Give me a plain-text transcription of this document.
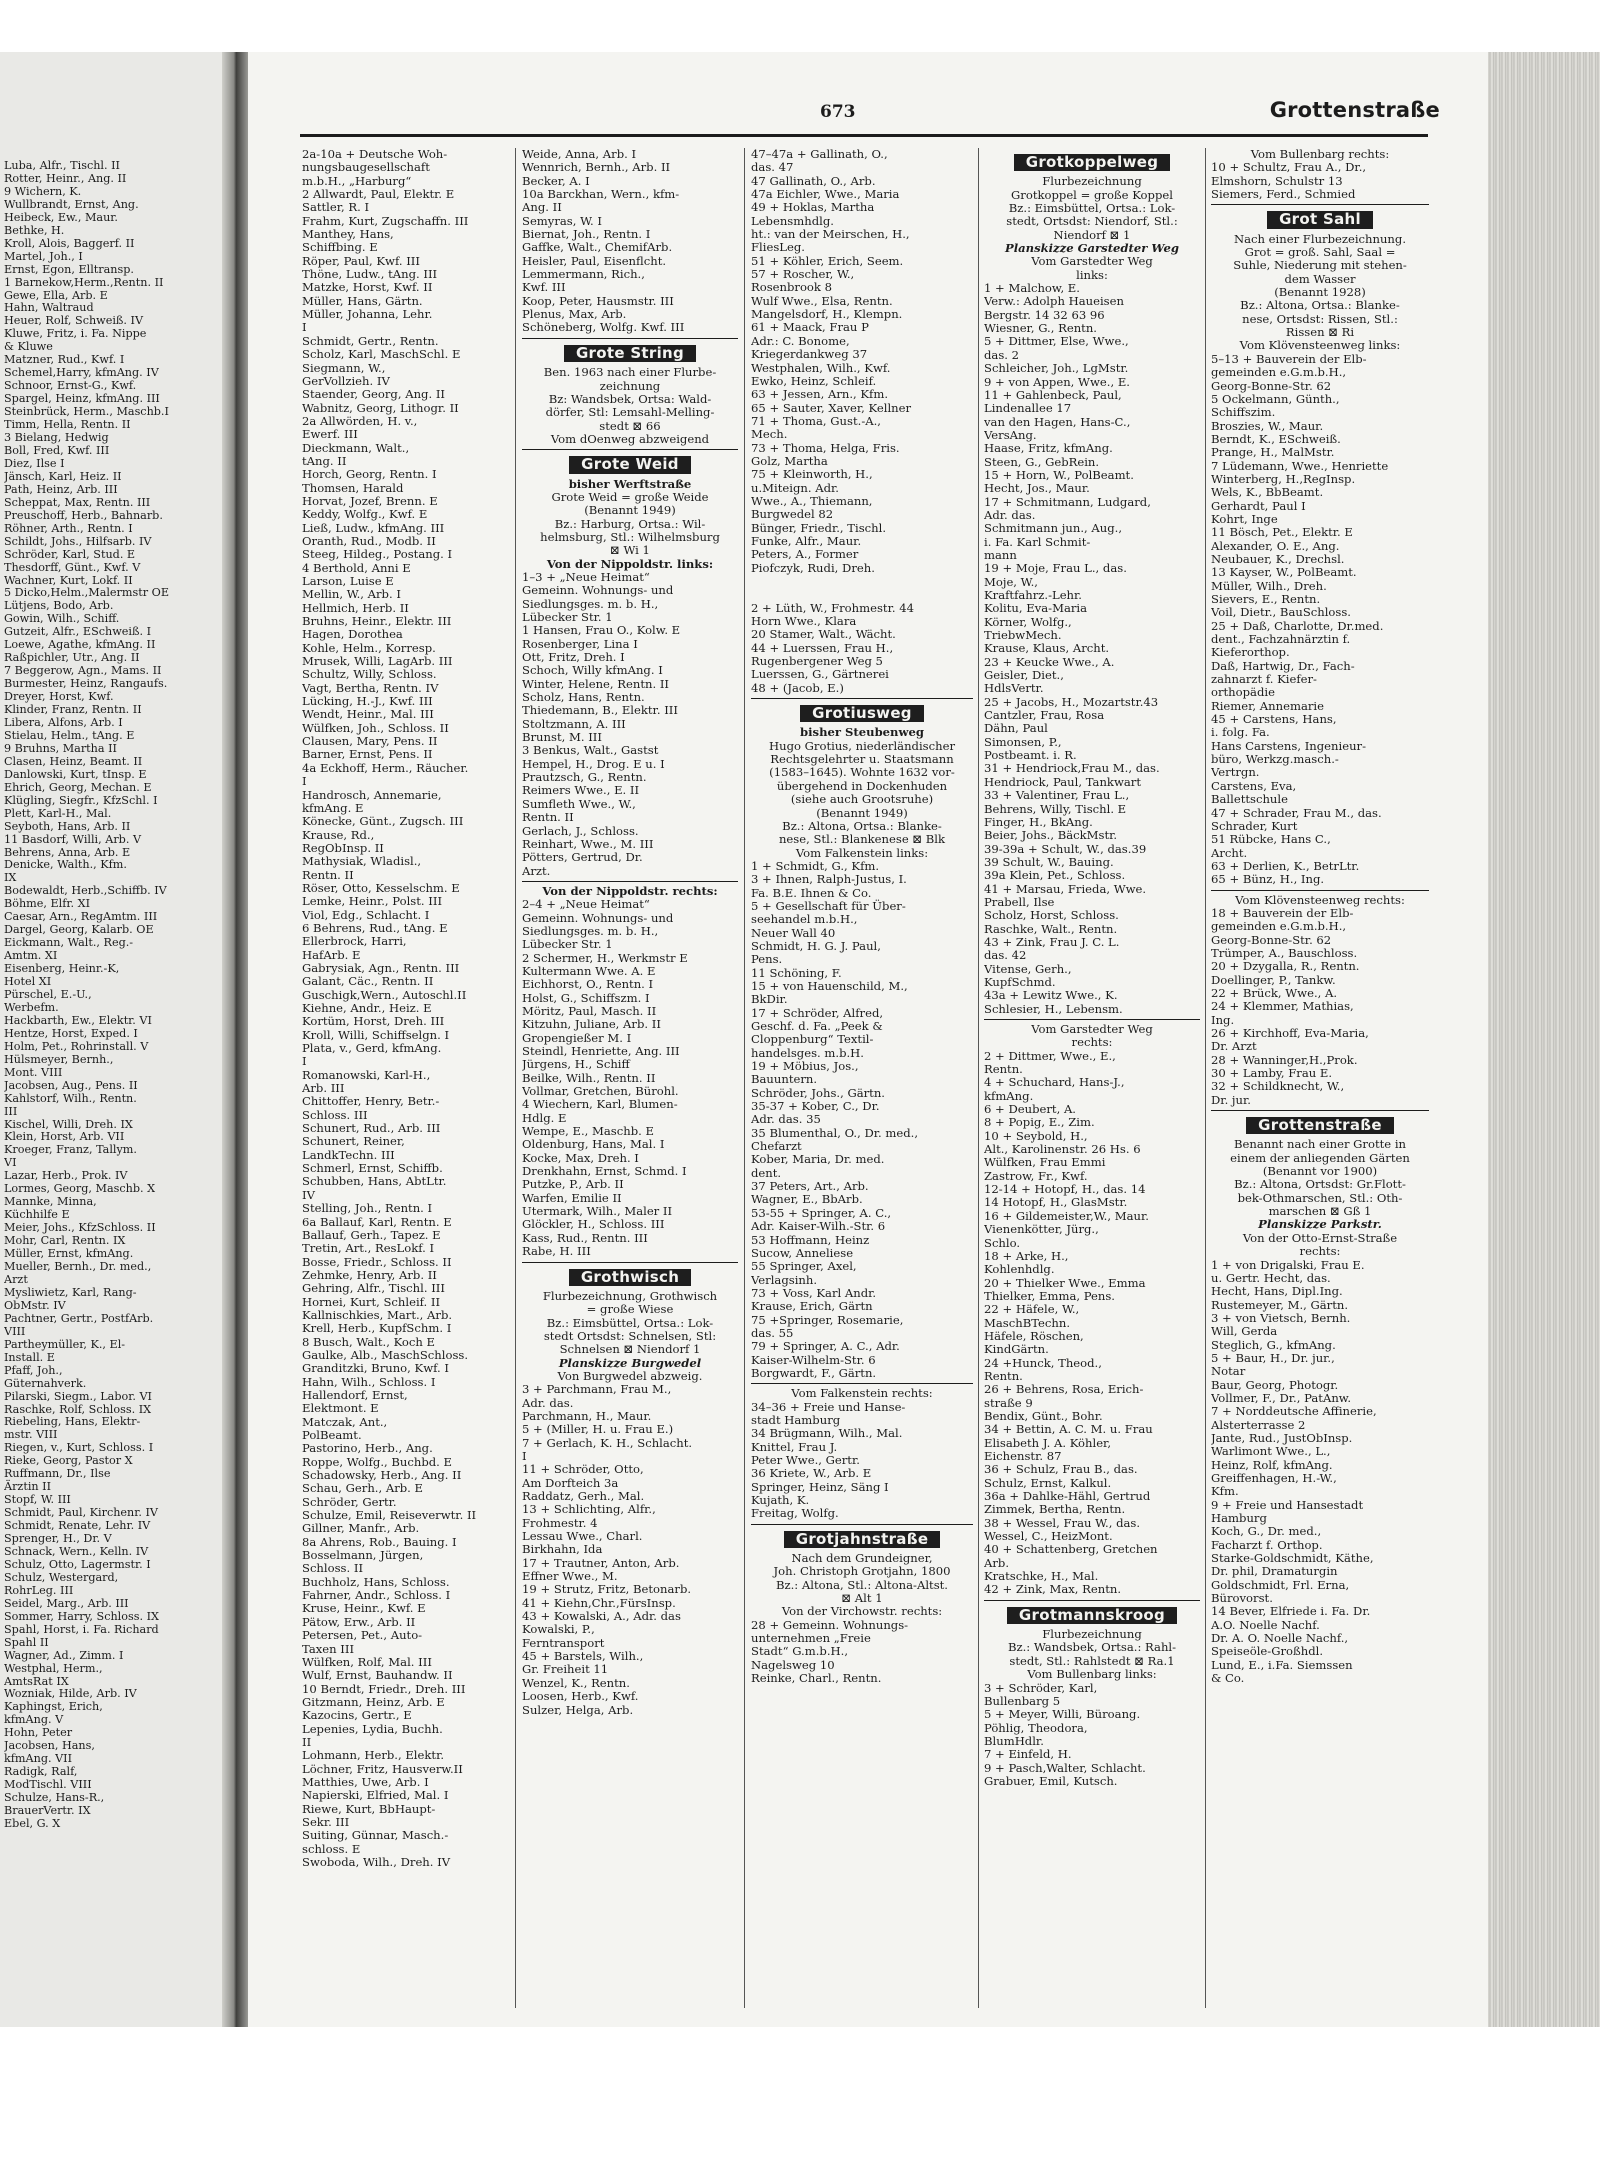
Luba, Alfr., Tischl. II
Rotter, Heinr., Ang. II
9 Wichern, K.
Wullbrandt, Ernst, Ang.
Heibeck, Ew., Maur.
Bethke, H.
Kroll, Alois, Baggerf. II
Martel, Joh., I
Ernst, Egon, Elltransp.
1 Barnekow,Herm.,Rentn. II
Gewe, Ella, Arb. E
Hahn, Waltraud
Heuer, Rolf, Schweiß. IV
Kluwe, Fritz, i. Fa. Nippe
& Kluwe
Matzner, Rud., Kwf. I
Schemel,Harry, kfmAng. IV
Schnoor, Ernst-G., Kwf.
Spargel, Heinz, kfmAng. III
Steinbrück, Herm., Maschb.I
Timm, Hella, Rentn. II
3 Bielang, Hedwig
Boll, Fred, Kwf. III
Diez, Ilse I
Jänsch, Karl, Heiz. II
Path, Heinz, Arb. III
Scheppat, Max, Rentn. III
Preuschoff, Herb., Bahnarb.
Röhner, Arth., Rentn. I
Schildt, Johs., Hilfsarb. IV
Schröder, Karl, Stud. E
Thesdorff, Günt., Kwf. V
Wachner, Kurt, Lokf. II
5 Dicko,Helm.,Malermstr OE
Lütjens, Bodo, Arb.
Gowin, Wilh., Schiff.
Gutzeit, Alfr., ESchweiß. I
Loewe, Agathe, kfmAng. II
Raßpichler, Utr., Ang. II
7 Beggerow, Agn., Mams. II
Burmester, Heinz, Rangaufs.
Dreyer, Horst, Kwf.
Klinder, Franz, Rentn. II
Libera, Alfons, Arb. I
Stielau, Helm., tAng. E
9 Bruhns, Martha II
Clasen, Heinz, Beamt. II
Danlowski, Kurt, tInsp. E
Ehrich, Georg, Mechan. E
Klügling, Siegfr., KfzSchl. I
Plett, Karl-H., Mal.
Seyboth, Hans, Arb. II
11 Basdorf, Willi, Arb. V
Behrens, Anna, Arb. E
Denicke, Walth., Kfm.
IX
Bodewaldt, Herb.,Schiffb. IV
Böhme, Elfr. XI
Caesar, Arn., RegAmtm. III
Dargel, Georg, Kalarb. OE
Eickmann, Walt., Reg.-
Amtm. XI
Eisenberg, Heinr.-K,
Hotel XI
Pürschel, E.-U.,
Werbefm.
Hackbarth, Ew., Elektr. VI
Hentze, Horst, Exped. I
Holm, Pet., Rohrinstall. V
Hülsmeyer, Bernh.,
Mont. VIII
Jacobsen, Aug., Pens. II
Kahlstorf, Wilh., Rentn.
III
Kischel, Willi, Dreh. IX
Klein, Horst, Arb. VII
Kroeger, Franz, Tallym.
VI
Lazar, Herb., Prok. IV
Lormes, Georg, Maschb. X
Mannke, Minna,
Küchhilfe E
Meier, Johs., KfzSchloss. II
Mohr, Carl, Rentn. IX
Müller, Ernst, kfmAng.
Mueller, Bernh., Dr. med.,
Arzt
Mysliwietz, Karl, Rang-
ObMstr. IV
Pachtner, Gertr., PostfArb.
VIII
Partheymüller, K., El-
Install. E
Pfaff, Joh.,
Güternahverk.
Pilarski, Siegm., Labor. VI
Raschke, Rolf, Schloss. IX
Riebeling, Hans, Elektr-
mstr. VIII
Riegen, v., Kurt, Schloss. I
Rieke, Georg, Pastor X
Ruffmann, Dr., Ilse
Ärztin II
Stopf, W. III
Schmidt, Paul, Kirchenr. IV
Schmidt, Renate, Lehr. IV
Sprenger, H., Dr. V
Schnack, Wern., Kelln. IV
Schulz, Otto, Lagermstr. I
Schulz, Westergard,
RohrLeg. III
Seidel, Marg., Arb. III
Sommer, Harry, Schloss. IX
Spahl, Horst, i. Fa. Richard
Spahl II
Wagner, Ad., Zimm. I
Westphal, Herm.,
AmtsRat IX
Wozniak, Hilde, Arb. IV
Kaphingst, Erich,
kfmAng. V
Hohn, Peter
Jacobsen, Hans,
kfmAng. VII
Radigk, Ralf,
ModTischl. VIII
Schulze, Hans-R.,
BrauerVertr. IX
Ebel, G. X
673	Grottenstraße
2a-10a + Deutsche Woh-
nungsbaugesellschaft
m.b.H., „Harburg“
2 Allwardt, Paul, Elektr. E
Sattler, R. I
Frahm, Kurt, Zugschaffn. III
Manthey, Hans,
Schiffbing. E
Röper, Paul, Kwf. III
Thöne, Ludw., tAng. III
Matzke, Horst, Kwf. II
Müller, Hans, Gärtn.
Müller, Johanna, Lehr.
I
Schmidt, Gertr., Rentn.
Scholz, Karl, MaschSchl. E
Siegmann, W.,
GerVollzieh. IV
Staender, Georg, Ang. II
Wabnitz, Georg, Lithogr. II
2a Allwörden, H. v.,
Ewerf. III
Dieckmann, Walt.,
tAng. II
Horch, Georg, Rentn. I
Thomsen, Harald
Horvat, Jozef, Brenn. E
Keddy, Wolfg., Kwf. E
Ließ, Ludw., kfmAng. III
Oranth, Rud., Modb. II
Steeg, Hildeg., Postang. I
4 Berthold, Anni E
Larson, Luise E
Mellin, W., Arb. I
Hellmich, Herb. II
Bruhns, Heinr., Elektr. III
Hagen, Dorothea
Kohle, Helm., Korresp.
Mrusek, Willi, LagArb. III
Schultz, Willy, Schloss.
Vagt, Bertha, Rentn. IV
Lücking, H.-J., Kwf. III
Wendt, Heinr., Mal. III
Wülfken, Joh., Schloss. II
Clausen, Mary, Pens. II
Barner, Ernst, Pens. II
4a Eckhoff, Herm., Räucher.
I
Handrosch, Annemarie,
kfmAng. E
Könecke, Günt., Zugsch. III
Krause, Rd.,
RegObInsp. II
Mathysiak, Wladisl.,
Rentn. II
Röser, Otto, Kesselschm. E
Lemke, Heinr., Polst. III
Viol, Edg., Schlacht. I
6 Behrens, Rud., tAng. E
Ellerbrock, Harri,
HafArb. E
Gabrysiak, Agn., Rentn. III
Galant, Cäc., Rentn. II
Guschigk,Wern., Autoschl.II
Kiehne, Andr., Heiz. E
Kortüm, Horst, Dreh. III
Kroll, Willi, Schiffselgn. I
Plata, v., Gerd, kfmAng.
I
Romanowski, Karl-H.,
Arb. III
Chittoffer, Henry, Betr.-
Schloss. III
Schunert, Rud., Arb. III
Schunert, Reiner,
LandkTechn. III
Schmerl, Ernst, Schiffb.
Schubben, Hans, AbtLtr.
IV
Stelling, Joh., Rentn. I
6a Ballauf, Karl, Rentn. E
Ballauf, Gerh., Tapez. E
Tretin, Art., ResLokf. I
Bosse, Friedr., Schloss. II
Zehmke, Henry, Arb. II
Gehring, Alfr., Tischl. III
Hornei, Kurt, Schleif. II
Kallnischkies, Mart., Arb.
Krell, Herb., KupfSchm. I
8 Busch, Walt., Koch E
Gaulke, Alb., MaschSchloss.
Granditzki, Bruno, Kwf. I
Hahn, Wilh., Schloss. I
Hallendorf, Ernst,
Elektmont. E
Matczak, Ant.,
PolBeamt.
Pastorino, Herb., Ang.
Roppe, Wolfg., Buchbd. E
Schadowsky, Herb., Ang. II
Schau, Gerh., Arb. E
Schröder, Gertr.
Schulze, Emil, Reiseverwtr. II
Gillner, Manfr., Arb.
8a Ahrens, Rob., Bauing. I
Bosselmann, Jürgen,
Schloss. II
Buchholz, Hans, Schloss.
Fahrner, Andr., Schloss. I
Kruse, Heinr., Kwf. E
Pätow, Erw., Arb. II
Petersen, Pet., Auto-
Taxen III
Wülfken, Rolf, Mal. III
Wulf, Ernst, Bauhandw. II
10 Berndt, Friedr., Dreh. III
Gitzmann, Heinz, Arb. E
Kazocins, Gertr., E
Lepenies, Lydia, Buchh.
II
Lohmann, Herb., Elektr.
Löchner, Fritz, Hausverw.II
Matthies, Uwe, Arb. I
Napierski, Elfried, Mal. I
Riewe, Kurt, BbHaupt-
Sekr. III
Suiting, Günnar, Masch.-
schloss. E
Swoboda, Wilh., Dreh. IV
Weide, Anna, Arb. I
Wennrich, Bernh., Arb. II
Becker, A. I
10a Barckhan, Wern., kfm-
Ang. II
Semyras, W. I
Biernat, Joh., Rentn. I
Gaffke, Walt., ChemifArb.
Heisler, Paul, Eisenflcht.
Lemmermann, Rich.,
Kwf. III
Koop, Peter, Hausmstr. III
Plenus, Max, Arb.
Schöneberg, Wolfg. Kwf. III
Grote String
Ben. 1963 nach einer Flurbe-
zeichnung
Bz: Wandsbek, Ortsa: Wald-
dörfer, Stl: Lemsahl-Melling-
stedt ⊠ 66
Vom dOenweg abzweigend
Grote Weid
bisher Werftstraße
Grote Weid = große Weide
(Benannt 1949)
Bz.: Harburg, Ortsa.: Wil-
helmsburg, Stl.: Wilhelmsburg
⊠ Wi 1
Von der Nippoldstr. links:
1–3 + „Neue Heimat“
Gemeinn. Wohnungs- und
Siedlungsges. m. b. H.,
Lübecker Str. 1
1 Hansen, Frau O., Kolw. E
Rosenberger, Lina I
Ott, Fritz, Dreh. I
Schoch, Willy kfmAng. I
Winter, Helene, Rentn. II
Scholz, Hans, Rentn.
Thiedemann, B., Elektr. III
Stoltzmann, A. III
Brunst, M. III
3 Benkus, Walt., Gastst
Hempel, H., Drog. E u. I
Prautzsch, G., Rentn.
Reimers Wwe., E. II
Sumfleth Wwe., W.,
Rentn. II
Gerlach, J., Schloss.
Reinhart, Wwe., M. III
Pötters, Gertrud, Dr.
Arzt.
Von der Nippoldstr. rechts:
2–4 + „Neue Heimat“
Gemeinn. Wohnungs- und
Siedlungsges. m. b. H.,
Lübecker Str. 1
2 Schermer, H., Werkmstr E
Kultermann Wwe. A. E
Eichhorst, O., Rentn. I
Holst, G., Schiffszm. I
Möritz, Paul, Masch. II
Kitzuhn, Juliane, Arb. II
Gropengießer M. I
Steindl, Henriette, Ang. III
Jürgens, H., Schiff
Beilke, Wilh., Rentn. II
Vollmar, Gretchen, Bürohl.
4 Wiechern, Karl, Blumen-
Hdlg. E
Wempe, E., Maschb. E
Oldenburg, Hans, Mal. I
Kocke, Max, Dreh. I
Drenkhahn, Ernst, Schmd. I
Putzke, P., Arb. II
Warfen, Emilie II
Utermark, Wilh., Maler II
Glöckler, H., Schloss. III
Kass, Rud., Rentn. III
Rabe, H. III
Grothwisch
Flurbezeichnung, Grothwisch
= große Wiese
Bz.: Eimsbüttel, Ortsa.: Lok-
stedt Ortsdst: Schnelsen, Stl:
Schnelsen ⊠ Niendorf 1
Planskizze Burgwedel
Von Burgwedel abzweig.
3 + Parchmann, Frau M.,
Adr. das.
Parchmann, H., Maur.
5 + (Miller, H. u. Frau E.)
7 + Gerlach, K. H., Schlacht.
I
11 + Schröder, Otto,
Am Dorfteich 3a
Raddatz, Gerh., Mal.
13 + Schlichting, Alfr.,
Frohmestr. 4
Lessau Wwe., Charl.
Birkhahn, Ida
17 + Trautner, Anton, Arb.
Effner Wwe., M.
19 + Strutz, Fritz, Betonarb.
41 + Kiehn,Chr.,FürsInsp.
43 + Kowalski, A., Adr. das
Kowalski, P.,
Ferntransport
45 + Barstels, Wilh.,
Gr. Freiheit 11
Wenzel, K., Rentn.
Loosen, Herb., Kwf.
Sulzer, Helga, Arb.
47–47a + Gallinath, O.,
das. 47
47 Gallinath, O., Arb.
47a Eichler, Wwe., Maria
49 + Hoklas, Martha
Lebensmhdlg.
ht.: van der Meirschen, H.,
FliesLeg.
51 + Köhler, Erich, Seem.
57 + Roscher, W.,
Rosenbrook 8
Wulf Wwe., Elsa, Rentn.
Mangelsdorf, H., Klempn.
61 + Maack, Frau P
Adr.: C. Bonome,
Kriegerdankweg 37
Westphalen, Wilh., Kwf.
Ewko, Heinz, Schleif.
63 + Jessen, Arn., Kfm.
65 + Sauter, Xaver, Kellner
71 + Thoma, Gust.-A.,
Mech.
73 + Thoma, Helga, Fris.
Golz, Martha
75 + Kleinworth, H.,
u.Miteign. Adr.
Wwe., A., Thiemann,
Burgwedel 82
Bünger, Friedr., Tischl.
Funke, Alfr., Maur.
Peters, A., Former
Piofczyk, Rudi, Dreh.

2 + Lüth, W., Frohmestr. 44
Horn Wwe., Klara
20 Stamer, Walt., Wächt.
44 + Luerssen, Frau H.,
Rugenbergener Weg 5
Luerssen, G., Gärtnerei
48 + (Jacob, E.)
Grotiusweg
bisher Steubenweg
Hugo Grotius, niederländischer
Rechtsgelehrter u. Staatsmann
(1583–1645). Wohnte 1632 vor-
übergehend in Dockenhuden
(siehe auch Grootsruhe)
(Benannt 1949)
Bz.: Altona, Ortsa.: Blanke-
nese, Stl.: Blankenese ⊠ Blk
Vom Falkenstein links:
1 + Schmidt, G., Kfm.
3 + Ihnen, Ralph-Justus, I.
Fa. B.E. Ihnen & Co.
5 + Gesellschaft für Über-
seehandel m.b.H.,
Neuer Wall 40
Schmidt, H. G. J. Paul,
Pens.
11 Schöning, F.
15 + von Hauenschild, M.,
BkDir.
17 + Schröder, Alfred,
Geschf. d. Fa. „Peek &
Cloppenburg“ Textil-
handelsges. m.b.H.
19 + Möbius, Jos.,
Bauuntern.
Schröder, Johs., Gärtn.
35-37 + Kober, C., Dr.
Adr. das. 35
35 Blumenthal, O., Dr. med.,
Chefarzt
Kober, Maria, Dr. med.
dent.
37 Peters, Art., Arb.
Wagner, E., BbArb.
53-55 + Springer, A. C.,
Adr. Kaiser-Wilh.-Str. 6
53 Hoffmann, Heinz
Sucow, Anneliese
55 Springer, Axel,
Verlagsinh.
73 + Voss, Karl Andr.
Krause, Erich, Gärtn
75 +Springer, Rosemarie,
das. 55
79 + Springer, A. C., Adr.
Kaiser-Wilhelm-Str. 6
Borgwardt, F., Gärtn.
Vom Falkenstein rechts:
34–36 + Freie und Hanse-
stadt Hamburg
34 Brügmann, Wilh., Mal.
Knittel, Frau J.
Peter Wwe., Gertr.
36 Kriete, W., Arb. E
Springer, Heinz, Säng I
Kujath, K.
Freitag, Wolfg.
Grotjahnstraße
Nach dem Grundeigner,
Joh. Christoph Grotjahn, 1800
Bz.: Altona, Stl.: Altona-Altst.
⊠ Alt 1
Von der Virchowstr. rechts:
28 + Gemeinn. Wohnungs-
unternehmen „Freie
Stadt“ G.m.b.H.,
Nagelsweg 10
Reinke, Charl., Rentn.
Grotkoppelweg
Flurbezeichnung
Grotkoppel = große Koppel
Bz.: Eimsbüttel, Ortsa.: Lok-
stedt, Ortsdst: Niendorf, Stl.:
Niendorf ⊠ 1
Planskizze Garstedter Weg
Vom Garstedter Weg
links:
1 + Malchow, E.
Verw.: Adolph Haueisen
Bergstr. 14 32 63 96
Wiesner, G., Rentn.
5 + Dittmer, Else, Wwe.,
das. 2
Schleicher, Joh., LgMstr.
9 + von Appen, Wwe., E.
11 + Gahlenbeck, Paul,
Lindenallee 17
van den Hagen, Hans-C.,
VersAng.
Haase, Fritz, kfmAng.
Steen, G., GebRein.
15 + Horn, W., PolBeamt.
Hecht, Jos., Maur.
17 + Schmitmann, Ludgard,
Adr. das.
Schmitmann jun., Aug.,
i. Fa. Karl Schmit-
mann
19 + Moje, Frau L., das.
Moje, W.,
Kraftfahrz.-Lehr.
Kolitu, Eva-Maria
Körner, Wolfg.,
TriebwMech.
Krause, Klaus, Archt.
23 + Keucke Wwe., A.
Geisler, Diet.,
HdlsVertr.
25 + Jacobs, H., Mozartstr.43
Cantzler, Frau, Rosa
Dähn, Paul
Simonsen, P.,
Postbeamt. i. R.
31 + Hendriock,Frau M., das.
Hendriock, Paul, Tankwart
33 + Valentiner, Frau L.,
Behrens, Willy, Tischl. E
Finger, H., BkAng.
Beier, Johs., BäckMstr.
39-39a + Schult, W., das.39
39 Schult, W., Bauing.
39a Klein, Pet., Schloss.
41 + Marsau, Frieda, Wwe.
Prabell, Ilse
Scholz, Horst, Schloss.
Raschke, Walt., Rentn.
43 + Zink, Frau J. C. L.
das. 42
Vitense, Gerh.,
KupfSchmd.
43a + Lewitz Wwe., K.
Schlesier, H., Lebensm.
Vom Garstedter Weg
rechts:
2 + Dittmer, Wwe., E.,
Rentn.
4 + Schuchard, Hans-J.,
kfmAng.
6 + Deubert, A.
8 + Popig, E., Zim.
10 + Seybold, H.,
Alt., Karolinenstr. 26 Hs. 6
Wülfken, Frau Emmi
Zastrow, Fr., Kwf.
12-14 + Hotopf, H., das. 14
14 Hotopf, H., GlasMstr.
16 + Gildemeister,W., Maur.
Vienenkötter, Jürg.,
Schlo.
18 + Arke, H.,
Kohlenhdlg.
20 + Thielker Wwe., Emma
Thielker, Emma, Pens.
22 + Häfele, W.,
MaschBTechn.
Häfele, Röschen,
KindGärtn.
24 +Hunck, Theod.,
Rentn.
26 + Behrens, Rosa, Erich-
straße 9
Bendix, Günt., Bohr.
34 + Bettin, A. C. M. u. Frau
Elisabeth J. A. Köhler,
Eichenstr. 87
36 + Schulz, Frau B., das.
Schulz, Ernst, Kalkul.
36a + Dahlke-Hähl, Gertrud
Zimmek, Bertha, Rentn.
38 + Wessel, Frau W., das.
Wessel, C., HeizMont.
40 + Schattenberg, Gretchen
Arb.
Kratschke, H., Mal.
42 + Zink, Max, Rentn.
Grotmannskroog
Flurbezeichnung
Bz.: Wandsbek, Ortsa.: Rahl-
stedt, Stl.: Rahlstedt ⊠ Ra.1
Vom Bullenbarg links:
3 + Schröder, Karl,
Bullenbarg 5
5 + Meyer, Willi, Büroang.
Pöhlig, Theodora,
BlumHdlr.
7 + Einfeld, H.
9 + Pasch,Walter, Schlacht.
Grabuer, Emil, Kutsch.
Vom Bullenbarg rechts:
10 + Schultz, Frau A., Dr.,
Elmshorn, Schulstr 13
Siemers, Ferd., Schmied
Grot Sahl
Nach einer Flurbezeichnung.
Grot = groß. Sahl, Saal =
Suhle, Niederung mit stehen-
dem Wasser
(Benannt 1928)
Bz.: Altona, Ortsa.: Blanke-
nese, Ortsdst: Rissen, Stl.:
Rissen ⊠ Ri
Vom Klövensteenweg links:
5–13 + Bauverein der Elb-
gemeinden e.G.m.b.H.,
Georg-Bonne-Str. 62
5 Ockelmann, Günth.,
Schiffszim.
Broszies, W., Maur.
Berndt, K., ESchweiß.
Prange, H., MalMstr.
7 Lüdemann, Wwe., Henriette
Winterberg, H.,RegInsp.
Wels, K., BbBeamt.
Gerhardt, Paul I
Kohrt, Inge
11 Bösch, Pet., Elektr. E
Alexander, O. E., Ang.
Neubauer, K., Drechsl.
13 Kayser, W., PolBeamt.
Müller, Wilh., Dreh.
Sievers, E., Rentn.
Voil, Dietr., BauSchloss.
25 + Daß, Charlotte, Dr.med.
dent., Fachzahnärztin f.
Kieferorthop.
Daß, Hartwig, Dr., Fach-
zahnarzt f. Kiefer-
orthopädie
Riemer, Annemarie
45 + Carstens, Hans,
i. folg. Fa.
Hans Carstens, Ingenieur-
büro, Werkzg.masch.-
Vertrgn.
Carstens, Eva,
Ballettschule
47 + Schrader, Frau M., das.
Schrader, Kurt
51 Rübcke, Hans C.,
Archt.
63 + Derlien, K., BetrLtr.
65 + Bünz, H., Ing.
Vom Klövensteenweg rechts:
18 + Bauverein der Elb-
gemeinden e.G.m.b.H.,
Georg-Bonne-Str. 62
Trümper, A., Bauschloss.
20 + Dzygalla, R., Rentn.
Doellinger, P., Tankw.
22 + Brück, Wwe., A.
24 + Klemmer, Mathias,
Ing.
26 + Kirchhoff, Eva-Maria,
Dr. Arzt
28 + Wanninger,H.,Prok.
30 + Lamby, Frau E.
32 + Schildknecht, W.,
Dr. jur.
Grottenstraße
Benannt nach einer Grotte in
einem der anliegenden Gärten
(Benannt vor 1900)
Bz.: Altona, Ortsdst: Gr.Flott-
bek-Othmarschen, Stl.: Oth-
marschen ⊠ Gß 1
Planskizze Parkstr.
Von der Otto-Ernst-Straße
rechts:
1 + von Drigalski, Frau E.
u. Gertr. Hecht, das.
Hecht, Hans, Dipl.Ing.
Rustemeyer, M., Gärtn.
3 + von Vietsch, Bernh.
Will, Gerda
Steglich, G., kfmAng.
5 + Baur, H., Dr. jur.,
Notar
Baur, Georg, Photogr.
Vollmer, F., Dr., PatAnw.
7 + Norddeutsche Affinerie,
Alsterterrasse 2
Jante, Rud., JustObInsp.
Warlimont Wwe., L.,
Heinz, Rolf, kfmAng.
Greiffenhagen, H.-W.,
Kfm.
9 + Freie und Hansestadt
Hamburg
Koch, G., Dr. med.,
Facharzt f. Orthop.
Starke-Goldschmidt, Käthe,
Dr. phil, Dramaturgin
Goldschmidt, Frl. Erna,
Bürovorst.
14 Bever, Elfriede i. Fa. Dr.
A.O. Noelle Nachf.
Dr. A. O. Noelle Nachf.,
Speiseöle-Großhdl.
Lund, E., i.Fa. Siemssen
& Co.
